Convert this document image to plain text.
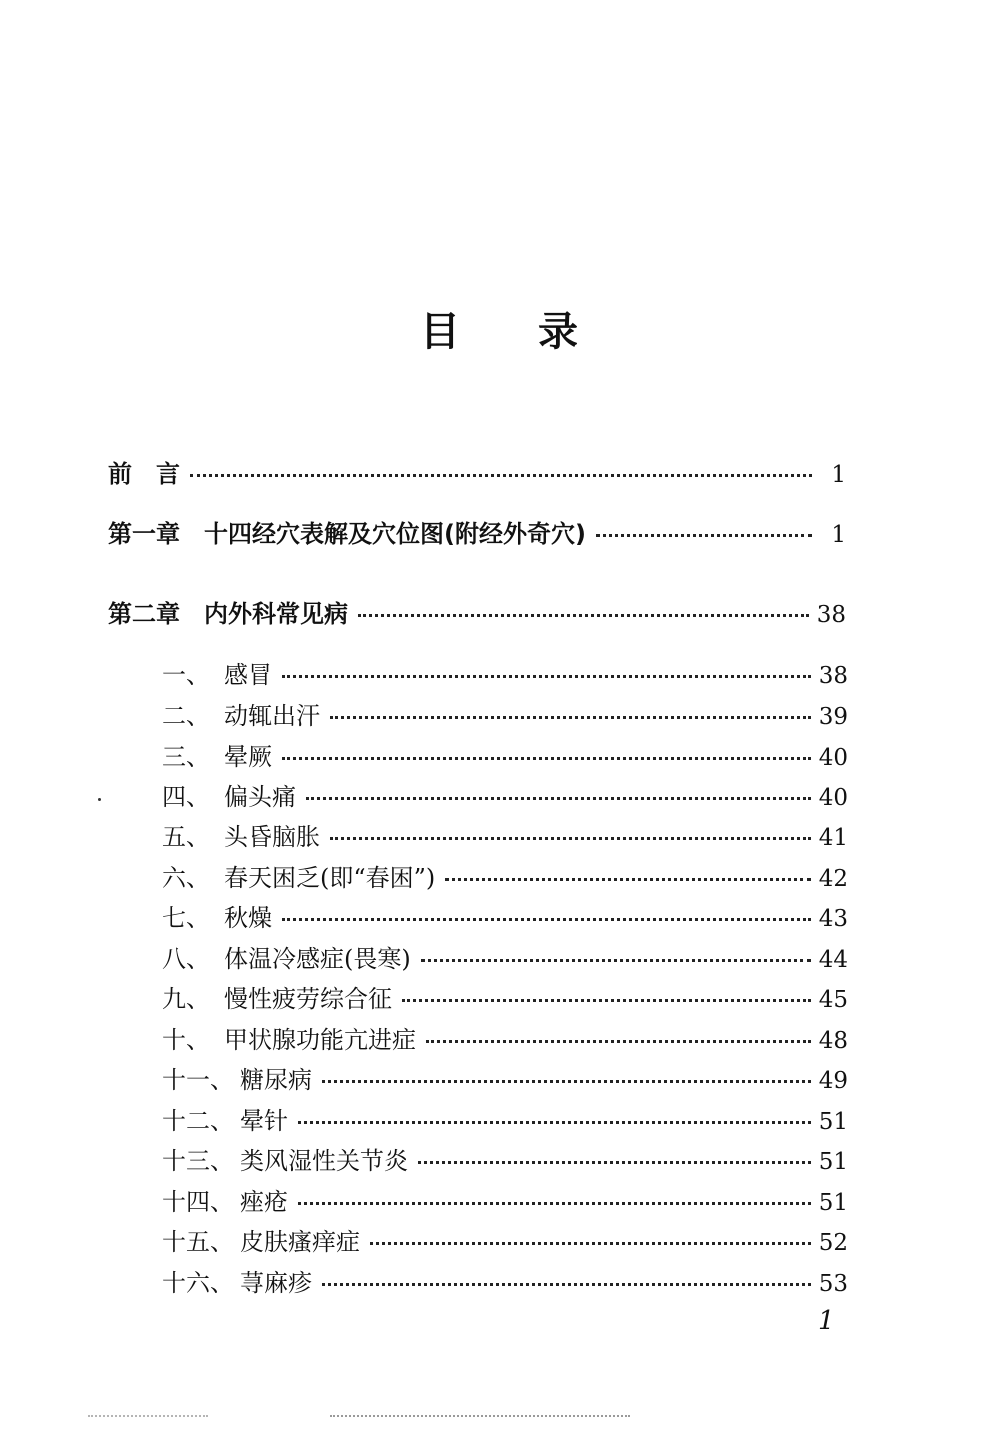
目 录
前　言	1
第一章　十四经穴表解及穴位图(附经外奇穴)	1
第二章　内外科常见病	38
一、 感冒	38
二、 动辄出汗	39
三、 晕厥	40
四、 偏头痛	40
五、 头昏脑胀	41
六、 春天困乏(即“春困”)	42
七、 秋燥	43
八、 体温冷感症(畏寒)	44
九、 慢性疲劳综合征	45
十、 甲状腺功能亢进症	48
十一、 糖尿病	49
十二、 晕针	51
十三、 类风湿性关节炎	51
十四、 痤疮	51
十五、 皮肤瘙痒症	52
十六、 荨麻疹	53
1
